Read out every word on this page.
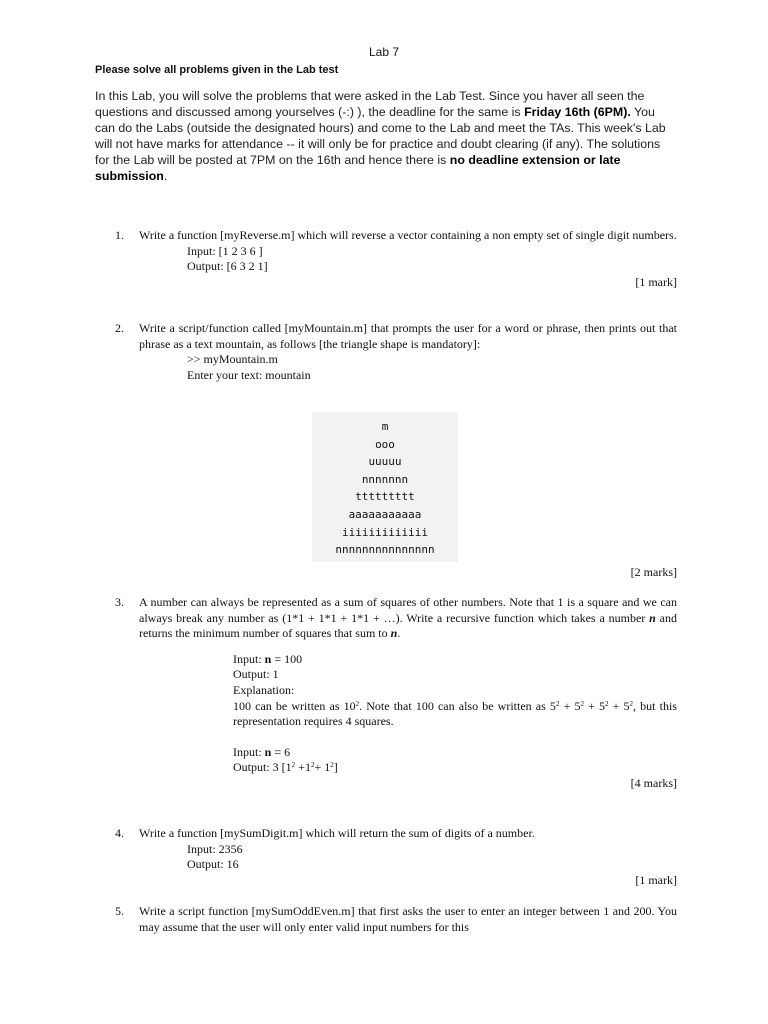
Lab 7
Please solve all problems given in the Lab test
In this Lab, you will solve the problems that were asked in the Lab Test. Since you haver all seen the questions and discussed among yourselves (-:) ), the deadline for the same is Friday 16th (6PM). You can do the Labs (outside the designated hours) and come to the Lab and meet the TAs. This week's Lab will not have marks for attendance -- it will only be for practice and doubt clearing (if any). The solutions for the Lab will be posted at 7PM on the 16th and hence there is no deadline extension or late submission.
1. Write a function [myReverse.m] which will reverse a vector containing a non empty set of single digit numbers.
Input: [1 2 3 6 ]
Output: [6 3 2 1]
[1 mark]
2. Write a script/function called [myMountain.m] that prompts the user for a word or phrase, then prints out that phrase as a text mountain, as follows [the triangle shape is mandatory]:
>> myMountain.m
Enter your text: mountain
m
ooo
uuuuu
nnnnnnn
ttttttttt
aaaaaaaaaaa
iiiiiiiiiiiii
nnnnnnnnnnnnnnn
[2 marks]
3. A number can always be represented as a sum of squares of other numbers. Note that 1 is a square and we can always break any number as (1*1 + 1*1 + 1*1 + …). Write a recursive function which takes a number n and returns the minimum number of squares that sum to n.
Input: n = 100
Output: 1
Explanation:
100 can be written as $10^2$. Note that 100 can also be written as $5^2 + 5^2 + 5^2 + 5^2$, but this representation requires 4 squares.
Input: n = 6
Output: 3 $[1^2 +1^2+ 1^2]$
[4 marks]
4. Write a function [mySumDigit.m] which will return the sum of digits of a number.
Input: 2356
Output: 16
[1 mark]
5. Write a script function [mySumOddEven.m] that first asks the user to enter an integer between 1 and 200. You may assume that the user will only enter valid input numbers for this
